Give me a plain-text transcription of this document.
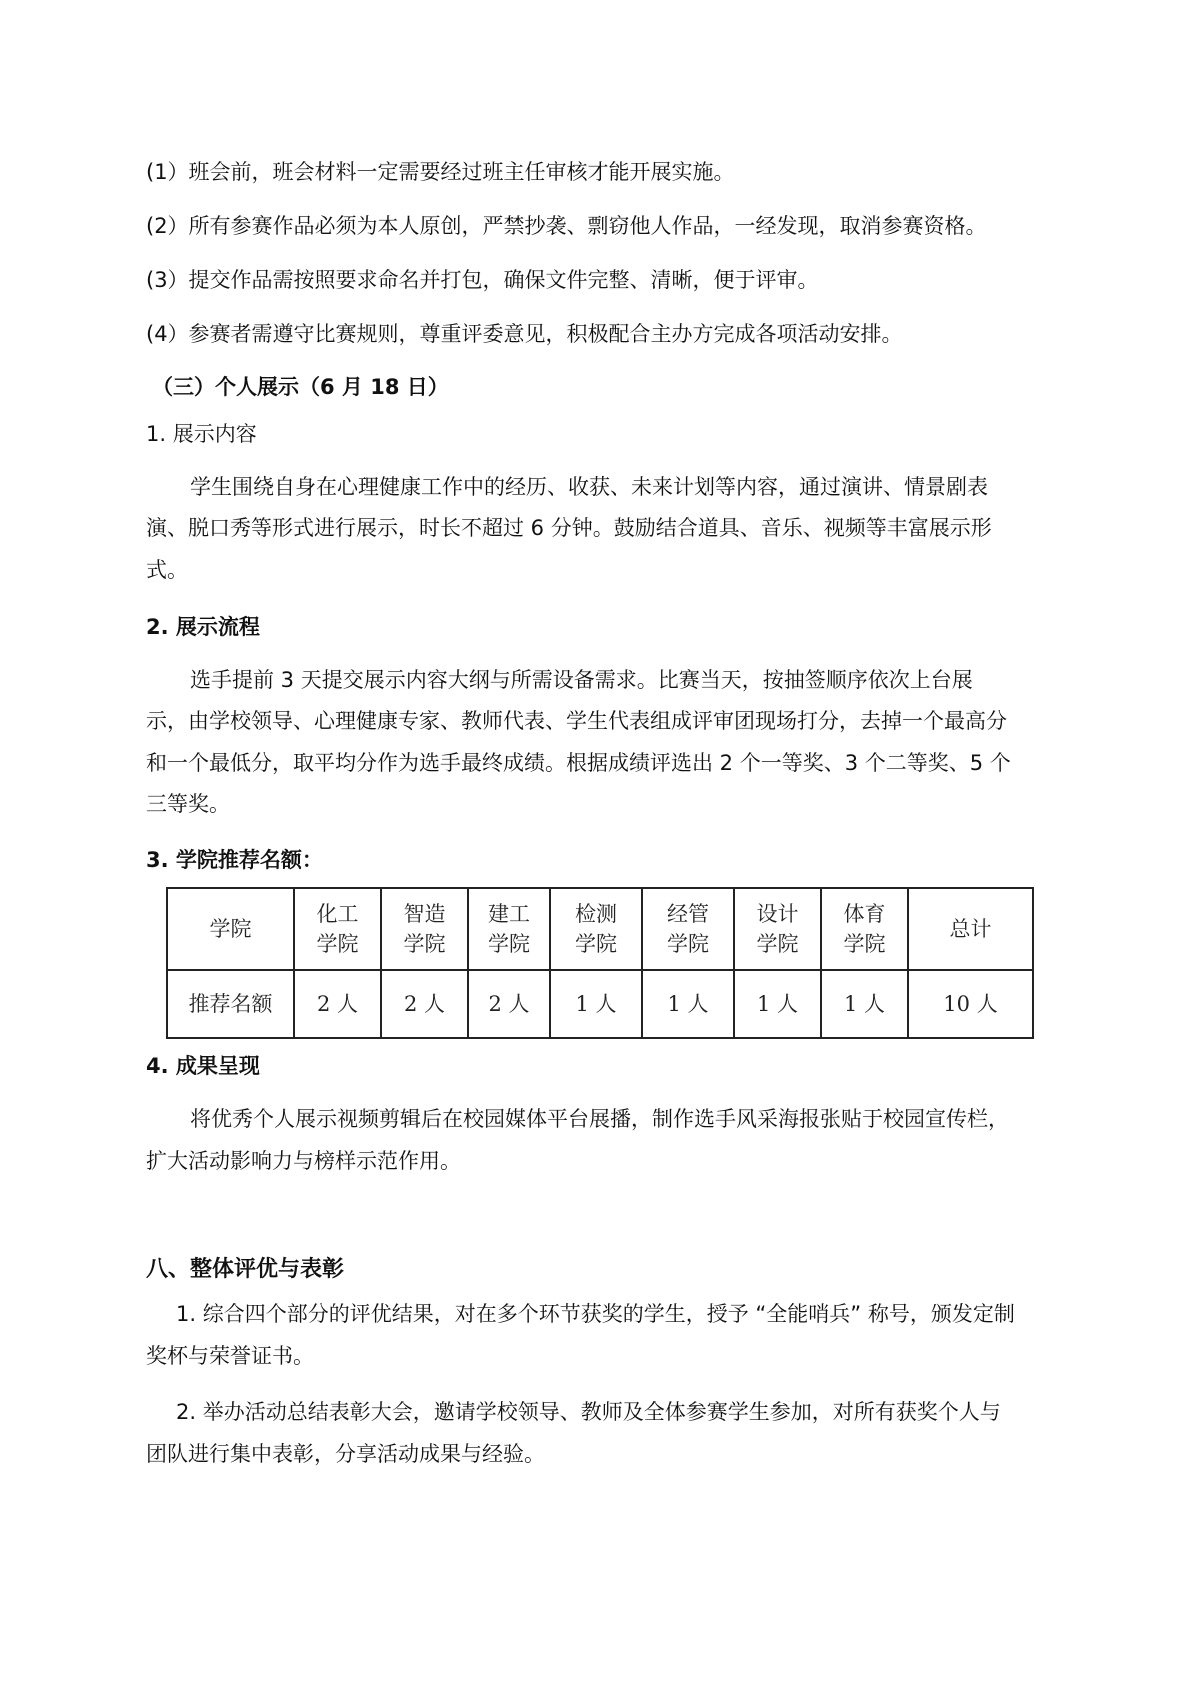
(1）班会前，班会材料一定需要经过班主任审核才能开展实施。
(2）所有参赛作品必须为本人原创，严禁抄袭、剽窃他人作品，一经发现，取消参赛资格。
(3）提交作品需按照要求命名并打包，确保文件完整、清晰，便于评审。
(4）参赛者需遵守比赛规则，尊重评委意见，积极配合主办方完成各项活动安排。
（三）个人展示（6 月 18 日）
1. 展示内容
学生围绕自身在心理健康工作中的经历、收获、未来计划等内容，通过演讲、情景剧表
演、脱口秀等形式进行展示，时长不超过 6 分钟。鼓励结合道具、音乐、视频等丰富展示形
式。
2. 展示流程
选手提前 3 天提交展示内容大纲与所需设备需求。比赛当天，按抽签顺序依次上台展
示，由学校领导、心理健康专家、教师代表、学生代表组成评审团现场打分，去掉一个最高分
和一个最低分，取平均分作为选手最终成绩。根据成绩评选出 2 个一等奖、3 个二等奖、5 个
三等奖。
3. 学院推荐名额：
学院	化工学院	智造学院	建工学院	检测学院	经管学院	设计学院	体育学院	总计
推荐名额	2 人	2 人	2 人	1 人	1 人	1 人	1 人	10 人
4. 成果呈现
将优秀个人展示视频剪辑后在校园媒体平台展播，制作选手风采海报张贴于校园宣传栏，
扩大活动影响力与榜样示范作用。
八、整体评优与表彰
1. 综合四个部分的评优结果，对在多个环节获奖的学生，授予 “全能哨兵” 称号，颁发定制
奖杯与荣誉证书。
2. 举办活动总结表彰大会，邀请学校领导、教师及全体参赛学生参加，对所有获奖个人与
团队进行集中表彰，分享活动成果与经验。
